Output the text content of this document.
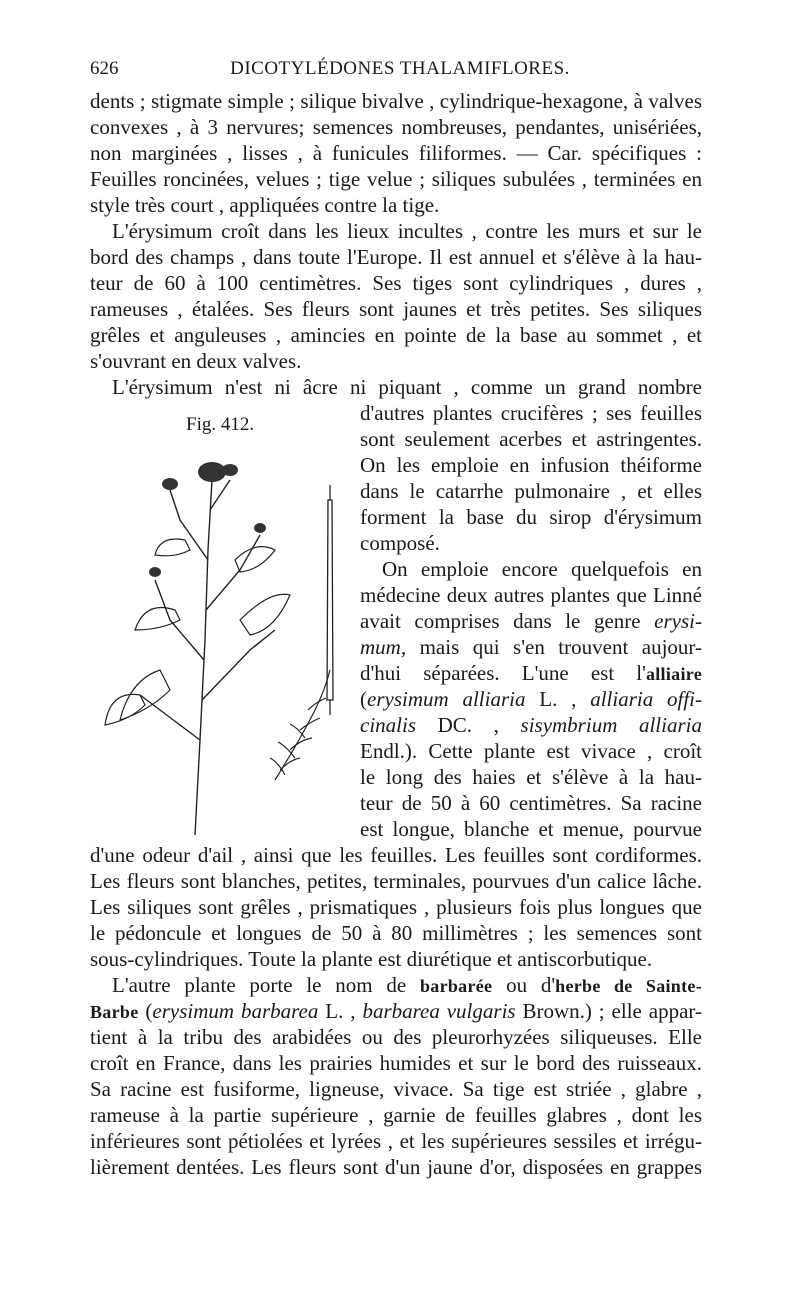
626	DICOTYLÉDONES THALAMIFLORES.
dents ; stigmate simple ; silique bivalve , cylindrique-hexagone, à valves
convexes , à 3 nervures; semences nombreuses, pendantes, unisériées,
non marginées , lisses , à funicules filiformes. — Car. spécifiques :
Feuilles roncinées, velues ; tige velue ; siliques subulées , terminées en
style très court , appliquées contre la tige.
L'érysimum croît dans les lieux incultes , contre les murs et sur le
bord des champs , dans toute l'Europe. Il est annuel et s'élève à la hau-
teur de 60 à 100 centimètres. Ses tiges sont cylindriques , dures ,
rameuses , étalées. Ses fleurs sont jaunes et très petites. Ses siliques
grêles et anguleuses , amincies en pointe de la base au sommet , et
s'ouvrant en deux valves.
L'érysimum n'est ni âcre ni piquant , comme un grand nombre
Fig. 412.	d'autres plantes crucifères ; ses feuilles
sont seulement acerbes et astringentes.
On les emploie en infusion théiforme
dans le catarrhe pulmonaire , et elles
forment la base du sirop d'érysimum
composé.
On emploie encore quelquefois en
médecine deux autres plantes que Linné
avait comprises dans le genre erysi-
mum, mais qui s'en trouvent aujour-
d'hui séparées. L'une est l'alliaire
(erysimum alliaria L. , alliaria offi-
cinalis DC. , sisymbrium alliaria
Endl.). Cette plante est vivace , croît
le long des haies et s'élève à la hau-
teur de 50 à 60 centimètres. Sa racine
est longue, blanche et menue, pourvue
d'une odeur d'ail , ainsi que les feuilles. Les feuilles sont cordiformes.
Les fleurs sont blanches, petites, terminales, pourvues d'un calice lâche.
Les siliques sont grêles , prismatiques , plusieurs fois plus longues que
le pédoncule et longues de 50 à 80 millimètres ; les semences sont
sous-cylindriques. Toute la plante est diurétique et antiscorbutique.
L'autre plante porte le nom de barbarée ou d'herbe de Sainte-
Barbe (erysimum barbarea L. , barbarea vulgaris Brown.) ; elle appar-
tient à la tribu des arabidées ou des pleurorhyzées siliqueuses. Elle
croît en France, dans les prairies humides et sur le bord des ruisseaux.
Sa racine est fusiforme, ligneuse, vivace. Sa tige est striée , glabre ,
rameuse à la partie supérieure , garnie de feuilles glabres , dont les
inférieures sont pétiolées et lyrées , et les supérieures sessiles et irrégu-
lièrement dentées. Les fleurs sont d'un jaune d'or, disposées en grappes
